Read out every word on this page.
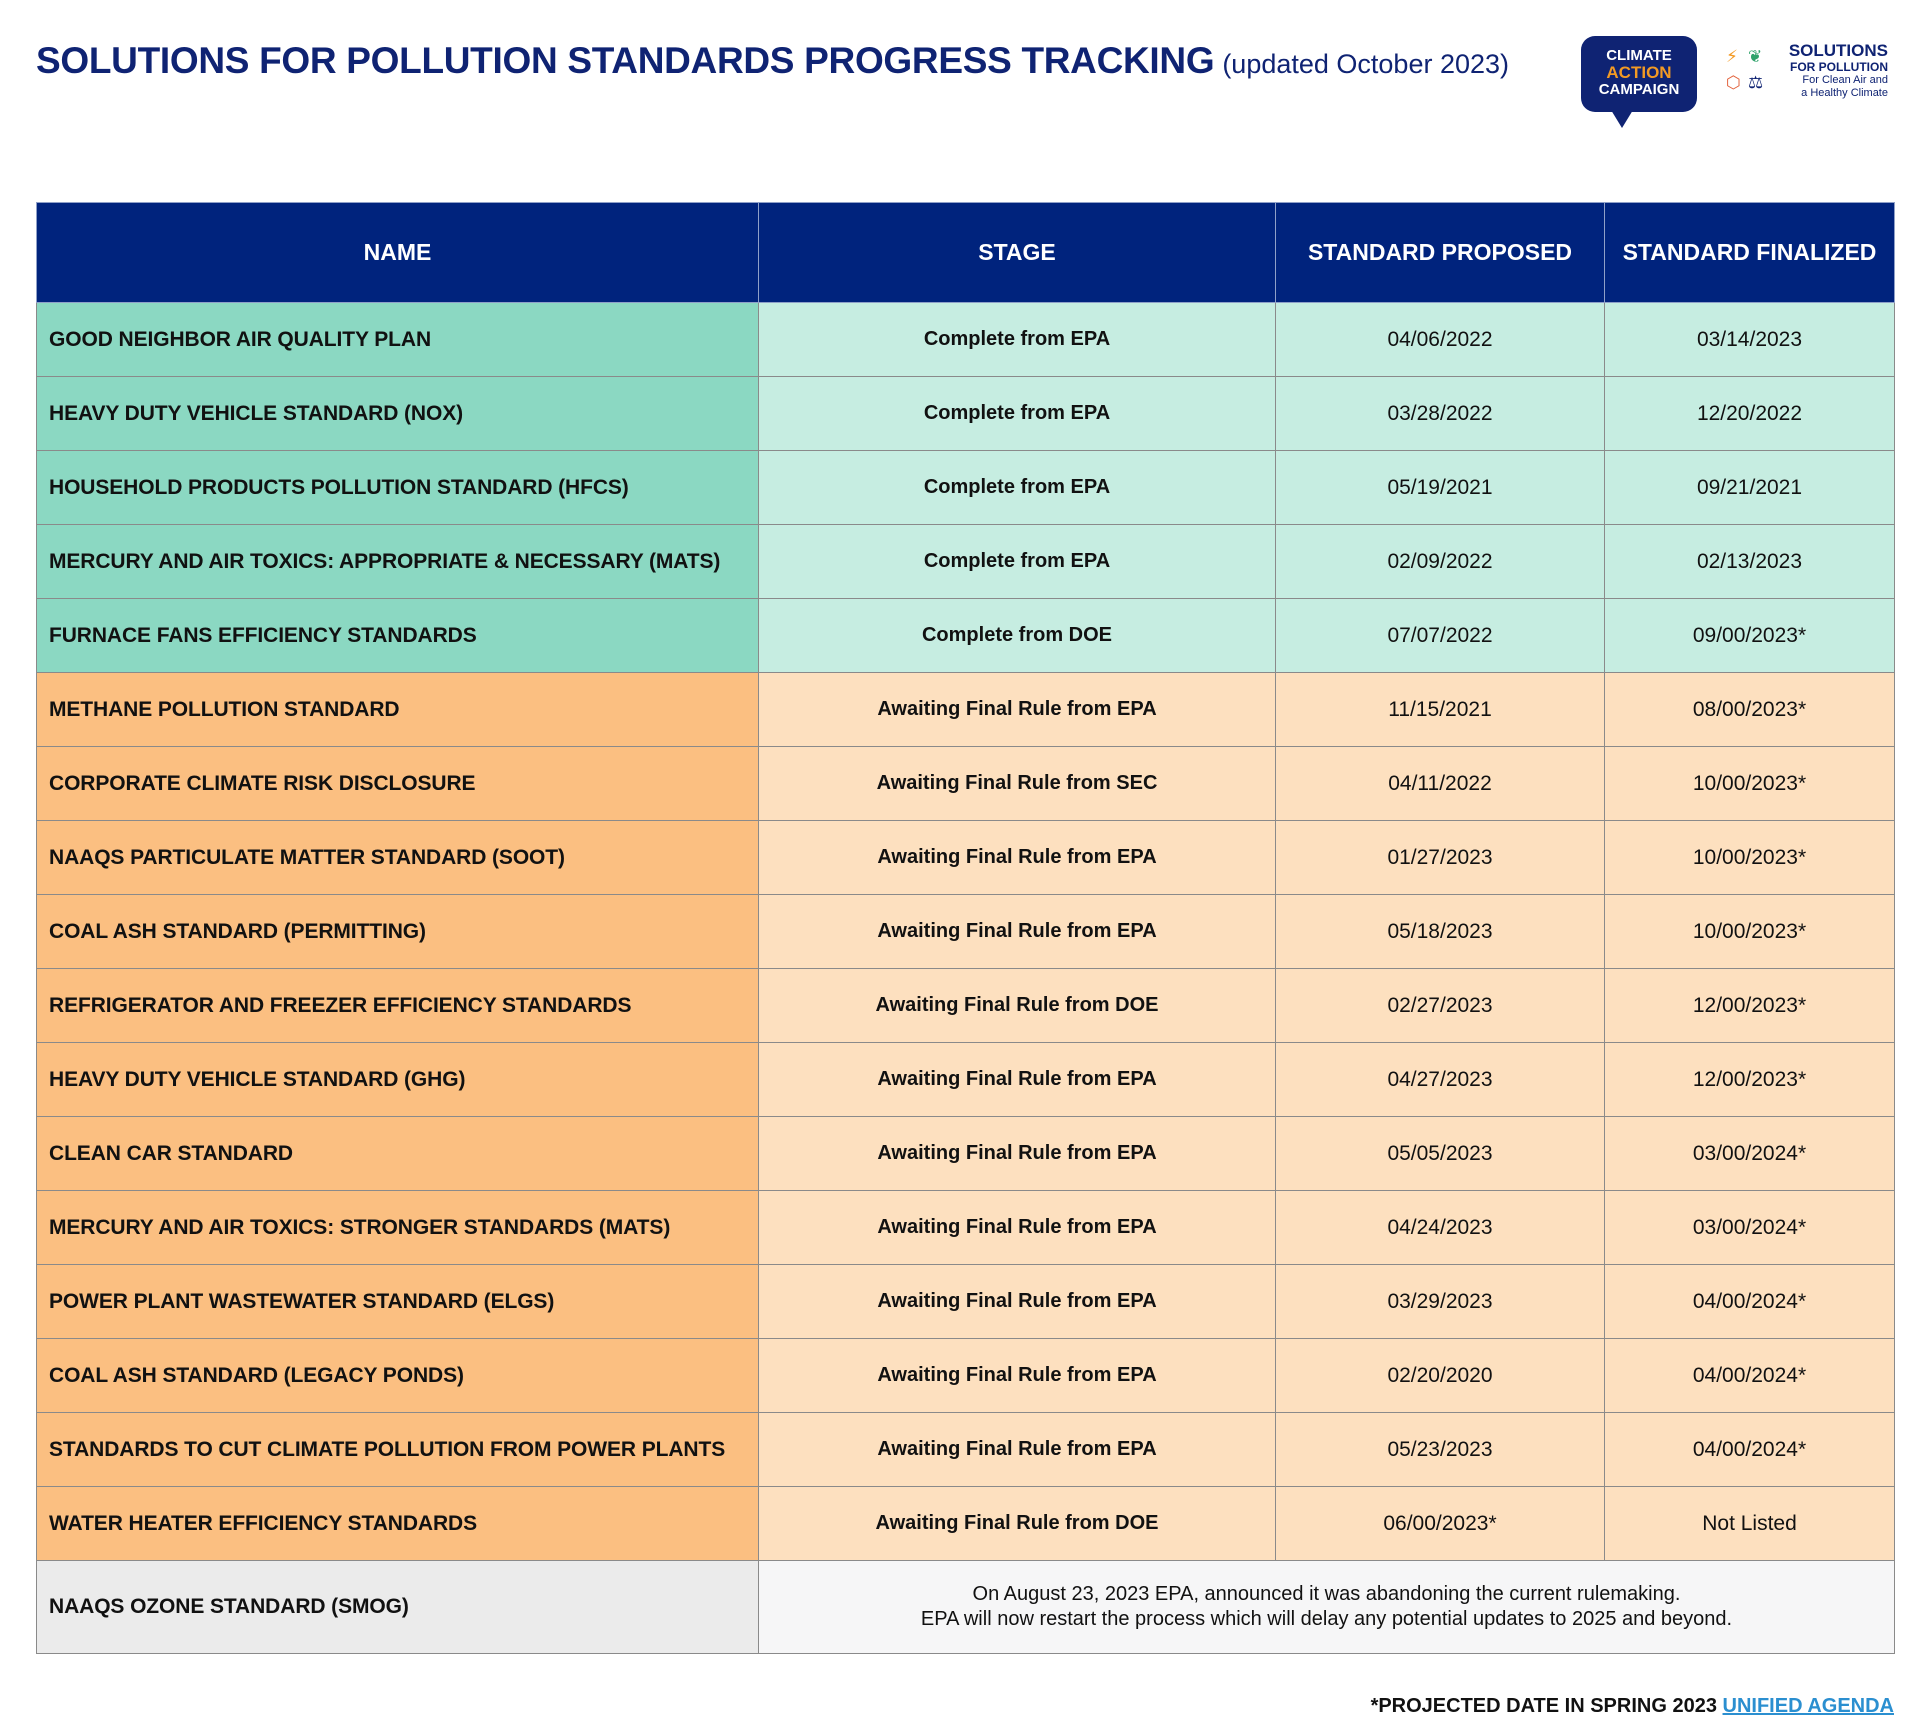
SOLUTIONS FOR POLLUTION STANDARDS PROGRESS TRACKING (updated October 2023)	CLIMATE
ACTION
CAMPAIGN
⚡ ❦
⬡ ⚖
SOLUTIONS
FOR POLLUTION
For Clean Air and
a Healthy Climate
NAME	STAGE	STANDARD PROPOSED	STANDARD FINALIZED
GOOD NEIGHBOR AIR QUALITY PLAN	Complete from EPA	04/06/2022	03/14/2023
HEAVY DUTY VEHICLE STANDARD (NOX)	Complete from EPA	03/28/2022	12/20/2022
HOUSEHOLD PRODUCTS POLLUTION STANDARD (HFCS)	Complete from EPA	05/19/2021	09/21/2021
MERCURY AND AIR TOXICS: APPROPRIATE & NECESSARY (MATS)	Complete from EPA	02/09/2022	02/13/2023
FURNACE FANS EFFICIENCY STANDARDS	Complete from DOE	07/07/2022	09/00/2023*
METHANE POLLUTION STANDARD	Awaiting Final Rule from EPA	11/15/2021	08/00/2023*
CORPORATE CLIMATE RISK DISCLOSURE	Awaiting Final Rule from SEC	04/11/2022	10/00/2023*
NAAQS PARTICULATE MATTER STANDARD (SOOT)	Awaiting Final Rule from EPA	01/27/2023	10/00/2023*
COAL ASH STANDARD (PERMITTING)	Awaiting Final Rule from EPA	05/18/2023	10/00/2023*
REFRIGERATOR AND FREEZER EFFICIENCY STANDARDS	Awaiting Final Rule from DOE	02/27/2023	12/00/2023*
HEAVY DUTY VEHICLE STANDARD (GHG)	Awaiting Final Rule from EPA	04/27/2023	12/00/2023*
CLEAN CAR STANDARD	Awaiting Final Rule from EPA	05/05/2023	03/00/2024*
MERCURY AND AIR TOXICS: STRONGER STANDARDS (MATS)	Awaiting Final Rule from EPA	04/24/2023	03/00/2024*
POWER PLANT WASTEWATER STANDARD (ELGS)	Awaiting Final Rule from EPA	03/29/2023	04/00/2024*
COAL ASH STANDARD (LEGACY PONDS)	Awaiting Final Rule from EPA	02/20/2020	04/00/2024*
STANDARDS TO CUT CLIMATE POLLUTION FROM POWER PLANTS	Awaiting Final Rule from EPA	05/23/2023	04/00/2024*
WATER HEATER EFFICIENCY STANDARDS	Awaiting Final Rule from DOE	06/00/2023*	Not Listed
NAAQS OZONE STANDARD (SMOG)	On August 23, 2023 EPA, announced it was abandoning the current rulemaking.
EPA will now restart the process which will delay any potential updates to 2025 and beyond.		
*PROJECTED DATE IN SPRING 2023 UNIFIED AGENDA
